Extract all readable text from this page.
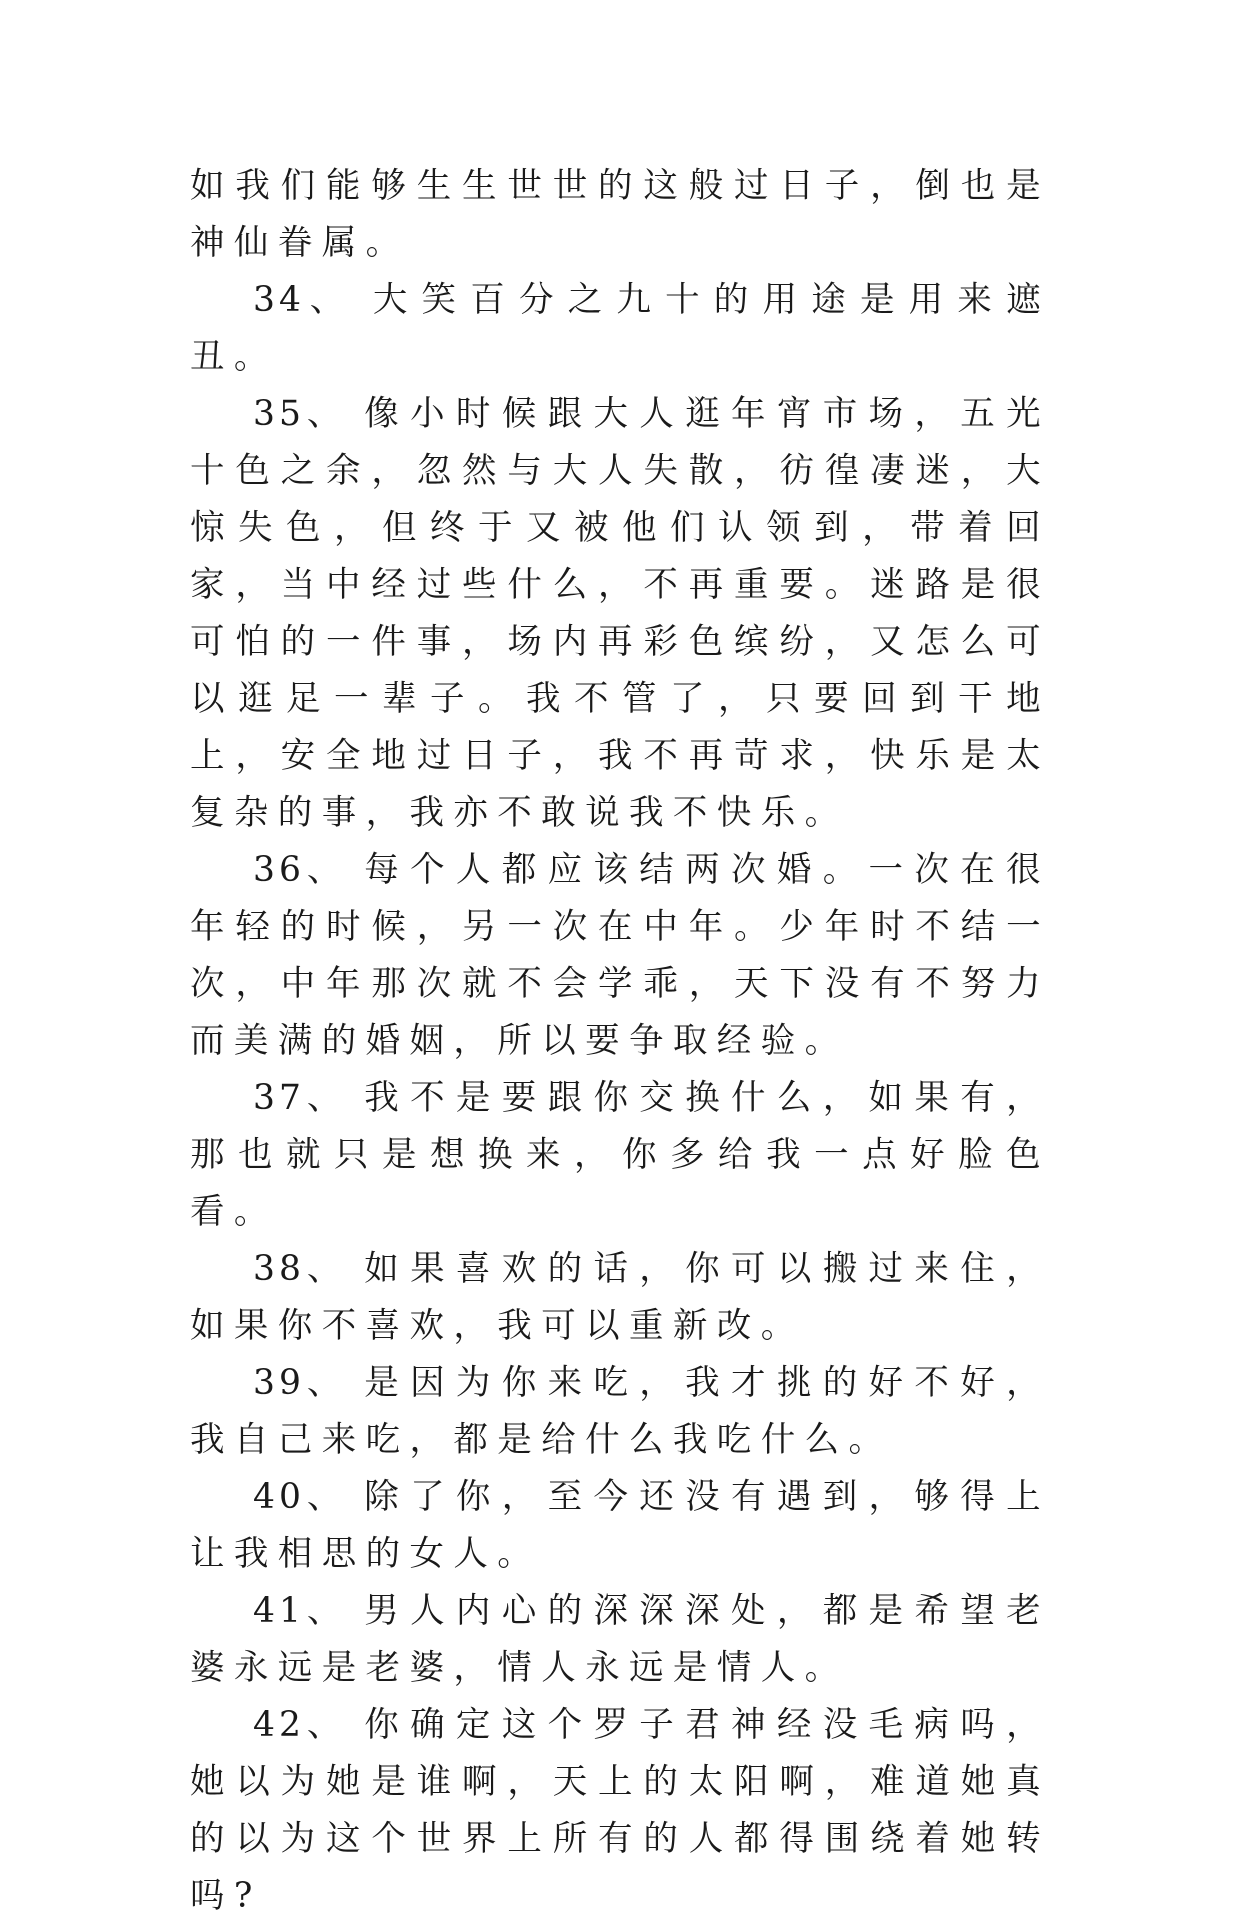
如我们能够生生世世的这般过日子，倒也是神仙眷属。

34、 大笑百分之九十的用途是用来遮丑。

35、 像小时候跟大人逛年宵市场，五光十色之余，忽然与大人失散，彷徨凄迷，大惊失色，但终于又被他们认领到，带着回家，当中经过些什么，不再重要。迷路是很可怕的一件事，场内再彩色缤纷，又怎么可以逛足一辈子。我不管了，只要回到干地上，安全地过日子，我不再苛求，快乐是太复杂的事，我亦不敢说我不快乐。

36、 每个人都应该结两次婚。一次在很年轻的时候，另一次在中年。少年时不结一次，中年那次就不会学乖，天下没有不努力而美满的婚姻，所以要争取经验。

37、 我不是要跟你交换什么，如果有，那也就只是想换来，你多给我一点好脸色看。

38、 如果喜欢的话，你可以搬过来住，如果你不喜欢，我可以重新改。

39、 是因为你来吃，我才挑的好不好，我自己来吃，都是给什么我吃什么。

40、 除了你，至今还没有遇到，够得上让我相思的女人。

41、 男人内心的深深深处，都是希望老婆永远是老婆，情人永远是情人。

42、 你确定这个罗子君神经没毛病吗，她以为她是谁啊，天上的太阳啊，难道她真的以为这个世界上所有的人都得围绕着她转吗?
